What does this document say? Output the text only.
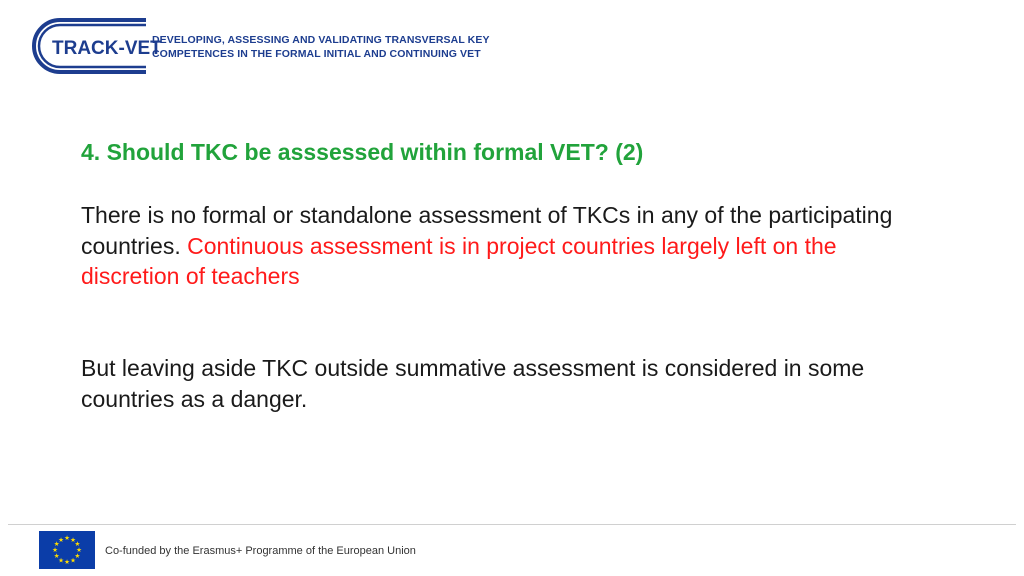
TRACK-VET
DEVELOPING, ASSESSING AND VALIDATING TRANSVERSAL KEY
COMPETENCES IN THE FORMAL INITIAL AND CONTINUING VET
4. Should TKC be asssessed within formal VET? (2)
There is no formal or standalone assessment of TKCs in any of the participating countries. Continuous assessment is in project countries largely left on the discretion of teachers
But leaving aside TKC outside summative assessment is considered in some countries as a danger.
★ ★
★
★
★
★
★
★
★
★
★
★
Co-funded by the Erasmus+ Programme of the European Union
